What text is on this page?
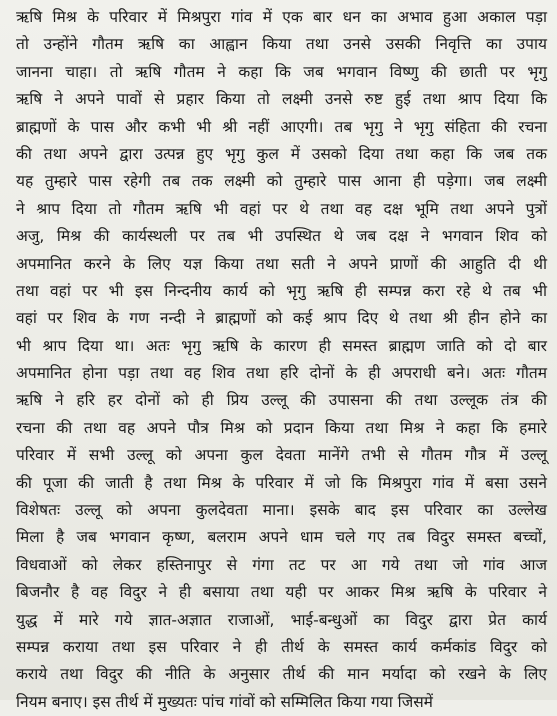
ऋषि मिश्र के परिवार में मिश्रपुरा गांव में एक बार धन का अभाव हुआ अकाल पड़ा
तो उन्होंने गौतम ऋषि का आह्वान किया तथा उनसे उसकी निवृत्ति का उपाय
जानना चाहा। तो ऋषि गौतम ने कहा कि जब भगवान विष्णु की छाती पर भृगु
ऋषि ने अपने पावों से प्रहार किया तो लक्ष्मी उनसे रुष्ट हुई तथा श्राप दिया कि
ब्राह्मणों के पास और कभी भी श्री नहीं आएगी। तब भृगु ने भृगु संहिता की रचना
की तथा अपने द्वारा उत्पन्न हुए भृगु कुल में उसको दिया तथा कहा कि जब तक
यह तुम्हारे पास रहेगी तब तक लक्ष्मी को तुम्हारे पास आना ही पड़ेगा। जब लक्ष्मी
ने श्राप दिया तो गौतम ऋषि भी वहां पर थे तथा वह दक्ष भूमि तथा अपने पुत्रों
अजु, मिश्र की कार्यस्थली पर तब भी उपस्थित थे जब दक्ष ने भगवान शिव को
अपमानित करने के लिए यज्ञ किया तथा सती ने अपने प्राणों की आहुति दी थी
तथा वहां पर भी इस निन्दनीय कार्य को भृगु ऋषि ही सम्पन्न करा रहे थे तब भी
वहां पर शिव के गण नन्दी ने ब्राह्मणों को कई श्राप दिए थे तथा श्री हीन होने का
भी श्राप दिया था। अतः भृगु ऋषि के कारण ही समस्त ब्राह्मण जाति को दो बार
अपमानित होना पड़ा तथा वह शिव तथा हरि दोनों के ही अपराधी बने। अतः गौतम
ऋषि ने हरि हर दोनों को ही प्रिय उल्लू की उपासना की तथा उल्लूक तंत्र की
रचना की तथा वह अपने पौत्र मिश्र को प्रदान किया तथा मिश्र ने कहा कि हमारे
परिवार में सभी उल्लू को अपना कुल देवता मानेंगे तभी से गौतम गौत्र में उल्लू
की पूजा की जाती है तथा मिश्र के परिवार में जो कि मिश्रपुरा गांव में बसा उसने
विशेषतः उल्लू को अपना कुलदेवता माना। इसके बाद इस परिवार का उल्लेख
मिला है जब भगवान कृष्ण, बलराम अपने धाम चले गए तब विदुर समस्त बच्चों,
विधवाओं को लेकर हस्तिनापुर से गंगा तट पर आ गये तथा जो गांव आज
बिजनौर है वह विदुर ने ही बसाया तथा यही पर आकर मिश्र ऋषि के परिवार ने
युद्ध में मारे गये ज्ञात-अज्ञात राजाओं, भाई-बन्धुओं का विदुर द्वारा प्रेत कार्य
सम्पन्न कराया तथा इस परिवार ने ही तीर्थ के समस्त कार्य कर्मकांड विदुर को
कराये तथा विदुर की नीति के अनुसार तीर्थ की मान मर्यादा को रखने के लिए
नियम बनाए। इस तीर्थ में मुख्यतः पांच गांवों को सम्मिलित किया गया जिसमें
